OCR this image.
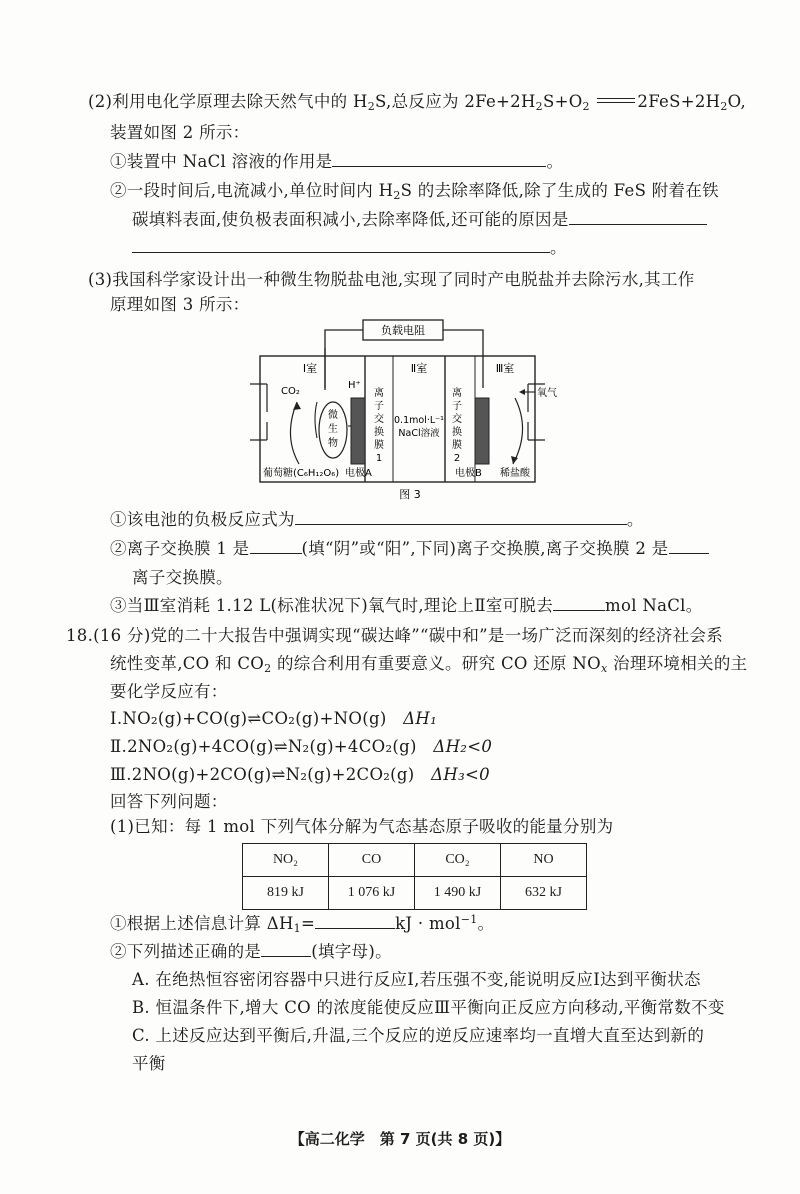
(2)利用电化学原理去除天然气中的 $H_2S$,总反应为 $2Fe+2H_2S+O_2$	$2FeS+2H_2O$,
装置如图 2 所示：
①装置中 NaCl 溶液的作用是	。
②一段时间后,电流减小,单位时间内 $H_2S$ 的去除率降低,除了生成的 FeS 附着在铁
碳填料表面,使负极表面积减小,去除率降低,还可能的原因是
。
(3)我国科学家设计出一种微生物脱盐电池,实现了同时产电脱盐并去除污水,其工作
原理如图 3 所示：
负载电阻
Ⅰ室	Ⅱ室	Ⅲ室
CO₂
微
生
物
H⁺
电极A
葡萄糖(C₆H₁₂O₆)
离
子
交
换
膜
1
0.1mol·L⁻¹
NaCl溶液
离
子
交
换
膜
2
电极B 稀盐酸
氧气
图 3
①该电池的负极反应式为	。
②离子交换膜 1 是	(填“阴”或“阳”,下同)离子交换膜,离子交换膜 2 是
离子交换膜。
③当Ⅲ室消耗 1.12 L(标准状况下)氧气时,理论上Ⅱ室可脱去	mol NaCl。
18.(16 分)党的二十大报告中强调实现“碳达峰”“碳中和”是一场广泛而深刻的经济社会系
统性变革,CO 和 $CO_2$ 的综合利用有重要意义。研究 CO 还原 $NO_x$ 治理环境相关的主
要化学反应有：
Ⅰ.NO₂(g)+CO(g)⇌CO₂(g)+NO(g) ΔH₁
Ⅱ.2NO₂(g)+4CO(g)⇌N₂(g)+4CO₂(g) ΔH₂<0
Ⅲ.2NO(g)+2CO(g)⇌N₂(g)+2CO₂(g) ΔH₃<0
回答下列问题：
(1)已知：每 1 mol 下列气体分解为气态基态原子吸收的能量分别为
NO₂	CO	CO₂	NO
819 kJ	1 076 kJ	1 490 kJ	632 kJ
①根据上述信息计算 $\Delta H_1=$	kJ · mol$^{-1}$。
②下列描述正确的是	(填字母)。
A. 在绝热恒容密闭容器中只进行反应Ⅰ,若压强不变,能说明反应Ⅰ达到平衡状态
B. 恒温条件下,增大 CO 的浓度能使反应Ⅲ平衡向正反应方向移动,平衡常数不变
C. 上述反应达到平衡后,升温,三个反应的逆反应速率均一直增大直至达到新的
平衡
【高二化学　第 7 页(共 8 页)】
